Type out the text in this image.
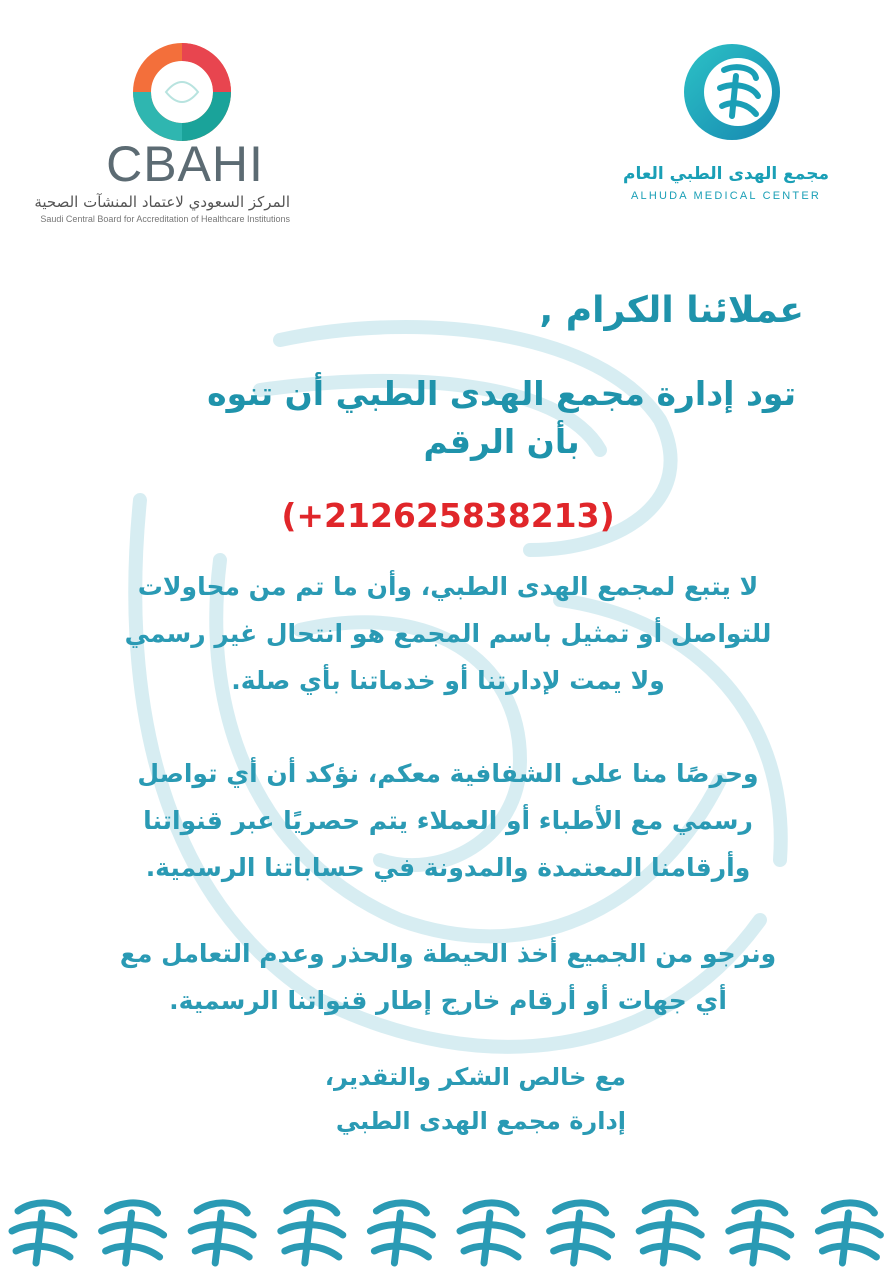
CBAHI
المركز السعودي لاعتماد المنشآت الصحية
Saudi Central Board for Accreditation of Healthcare Institutions
مجمع الهدى الطبي العام
ALHUDA MEDICAL CENTER
عملائنا الكرام ,
تود إدارة مجمع الهدى الطبي أن تنوه
بأن الرقم
(+212625838213)
لا يتبع لمجمع الهدى الطبي، وأن ما تم من محاولات
للتواصل أو تمثيل باسم المجمع هو انتحال غير رسمي
ولا يمت لإدارتنا أو خدماتنا بأي صلة.
وحرصًا منا على الشفافية معكم، نؤكد أن أي تواصل
رسمي مع الأطباء أو العملاء يتم حصريًا عبر قنواتنا
وأرقامنا المعتمدة والمدونة في حساباتنا الرسمية.
ونرجو من الجميع أخذ الحيطة والحذر وعدم التعامل مع
أي جهات أو أرقام خارج إطار قنواتنا الرسمية.
مع خالص الشكر والتقدير،
إدارة مجمع الهدى الطبي
